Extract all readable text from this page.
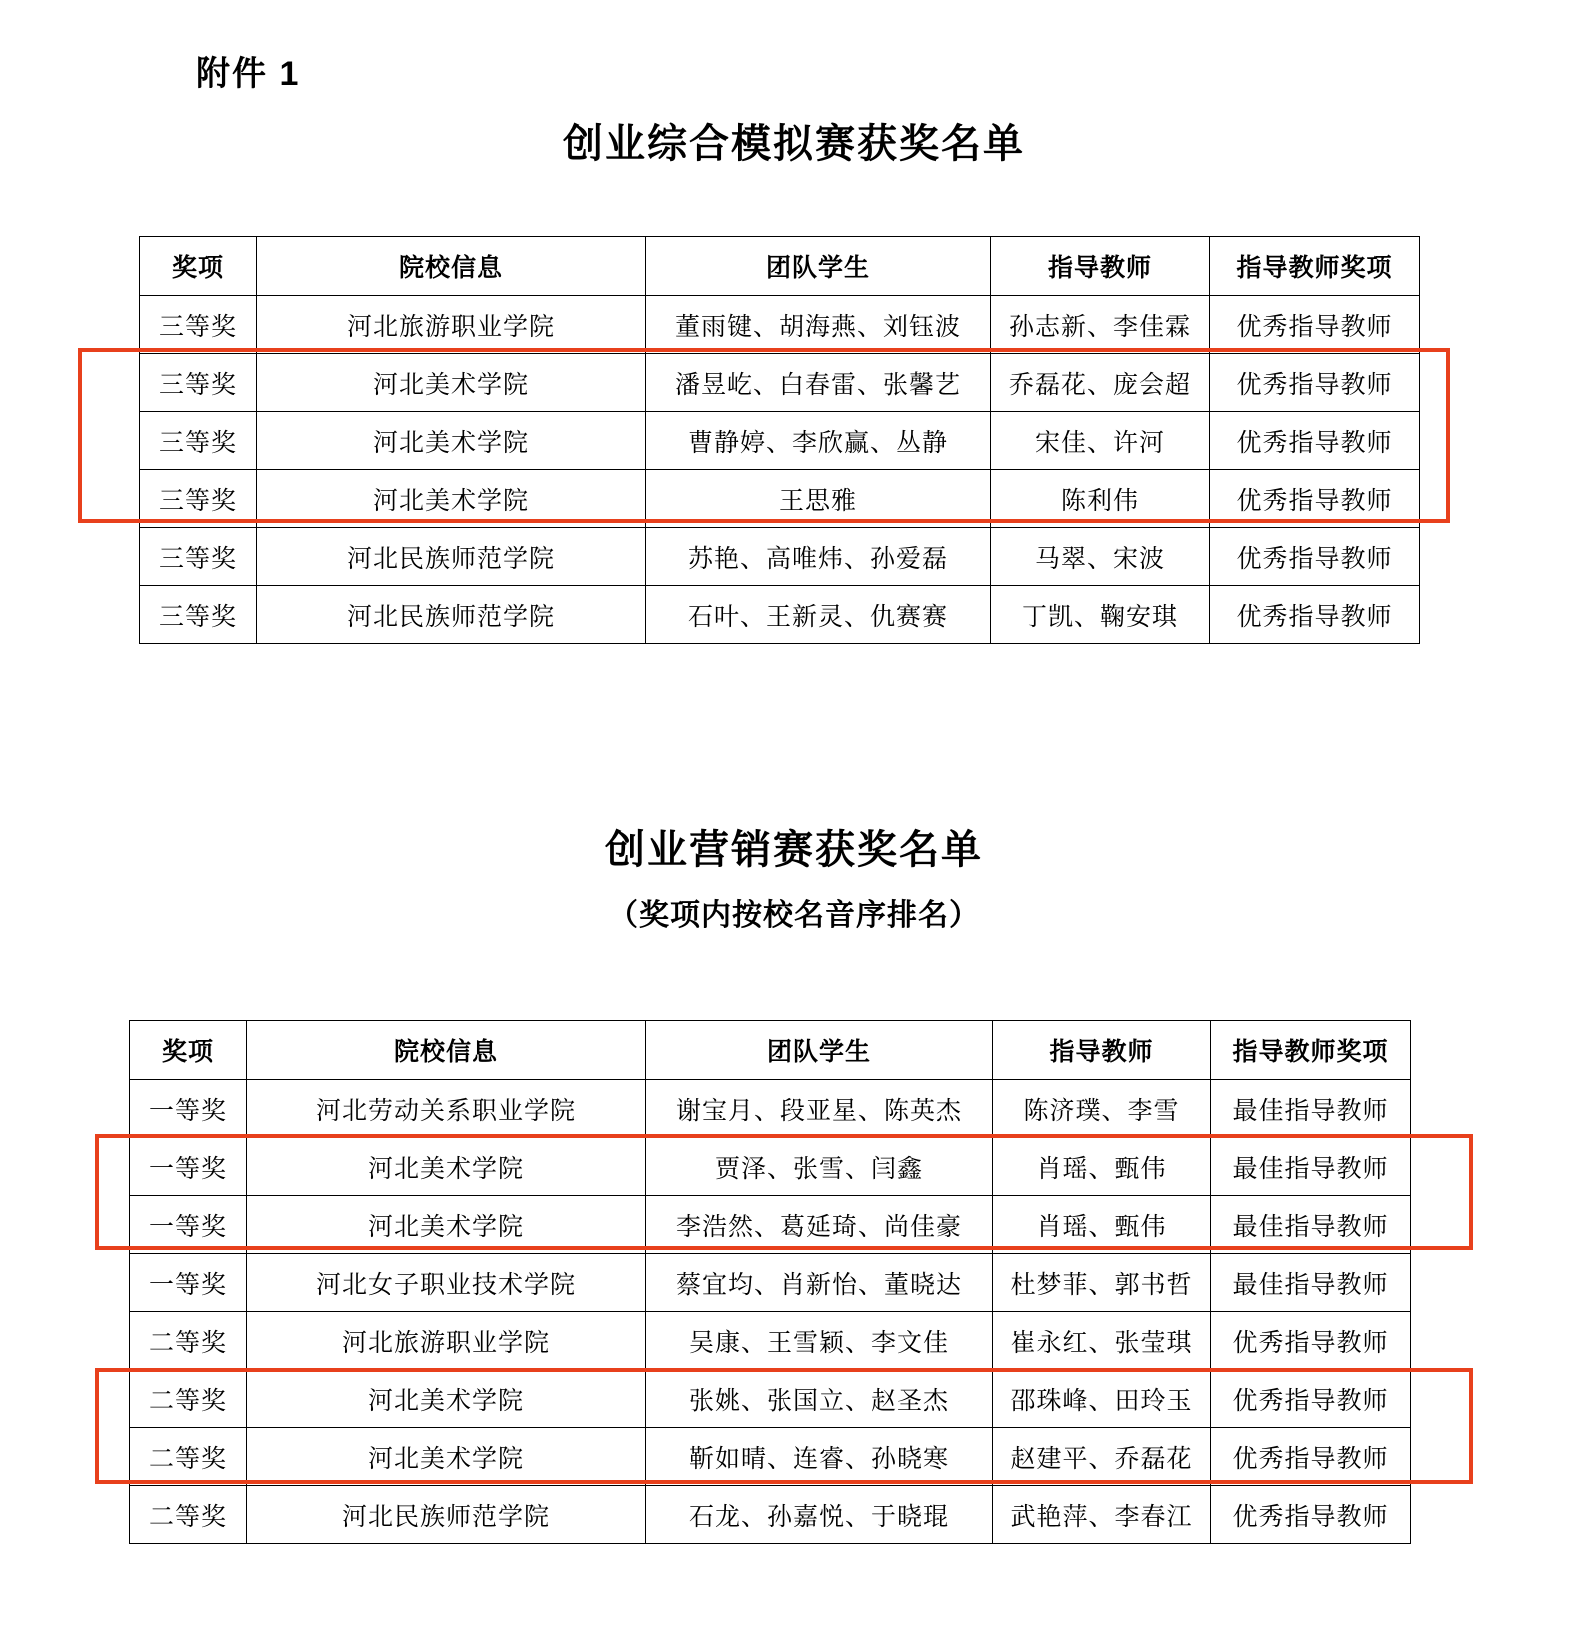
附件 1
创业综合模拟赛获奖名单
奖项	院校信息	团队学生	指导教师	指导教师奖项
三等奖	河北旅游职业学院	董雨键、胡海燕、刘钰波	孙志新、李佳霖	优秀指导教师
三等奖	河北美术学院	潘昱屹、白春雷、张馨艺	乔磊花、庞会超	优秀指导教师
三等奖	河北美术学院	曹静婷、李欣赢、丛静	宋佳、许河	优秀指导教师
三等奖	河北美术学院	王思雅	陈利伟	优秀指导教师
三等奖	河北民族师范学院	苏艳、高唯炜、孙爱磊	马翠、宋波	优秀指导教师
三等奖	河北民族师范学院	石叶、王新灵、仇赛赛	丁凯、鞠安琪	优秀指导教师
创业营销赛获奖名单
（奖项内按校名音序排名）
奖项	院校信息	团队学生	指导教师	指导教师奖项
一等奖	河北劳动关系职业学院	谢宝月、段亚星、陈英杰	陈济璞、李雪	最佳指导教师
一等奖	河北美术学院	贾泽、张雪、闫鑫	肖瑶、甄伟	最佳指导教师
一等奖	河北美术学院	李浩然、葛延琦、尚佳豪	肖瑶、甄伟	最佳指导教师
一等奖	河北女子职业技术学院	蔡宜均、肖新怡、董晓达	杜梦菲、郭书哲	最佳指导教师
二等奖	河北旅游职业学院	吴康、王雪颖、李文佳	崔永红、张莹琪	优秀指导教师
二等奖	河北美术学院	张姚、张国立、赵圣杰	邵珠峰、田玲玉	优秀指导教师
二等奖	河北美术学院	靳如晴、连睿、孙晓寒	赵建平、乔磊花	优秀指导教师
二等奖	河北民族师范学院	石龙、孙嘉悦、于晓琨	武艳萍、李春江	优秀指导教师
